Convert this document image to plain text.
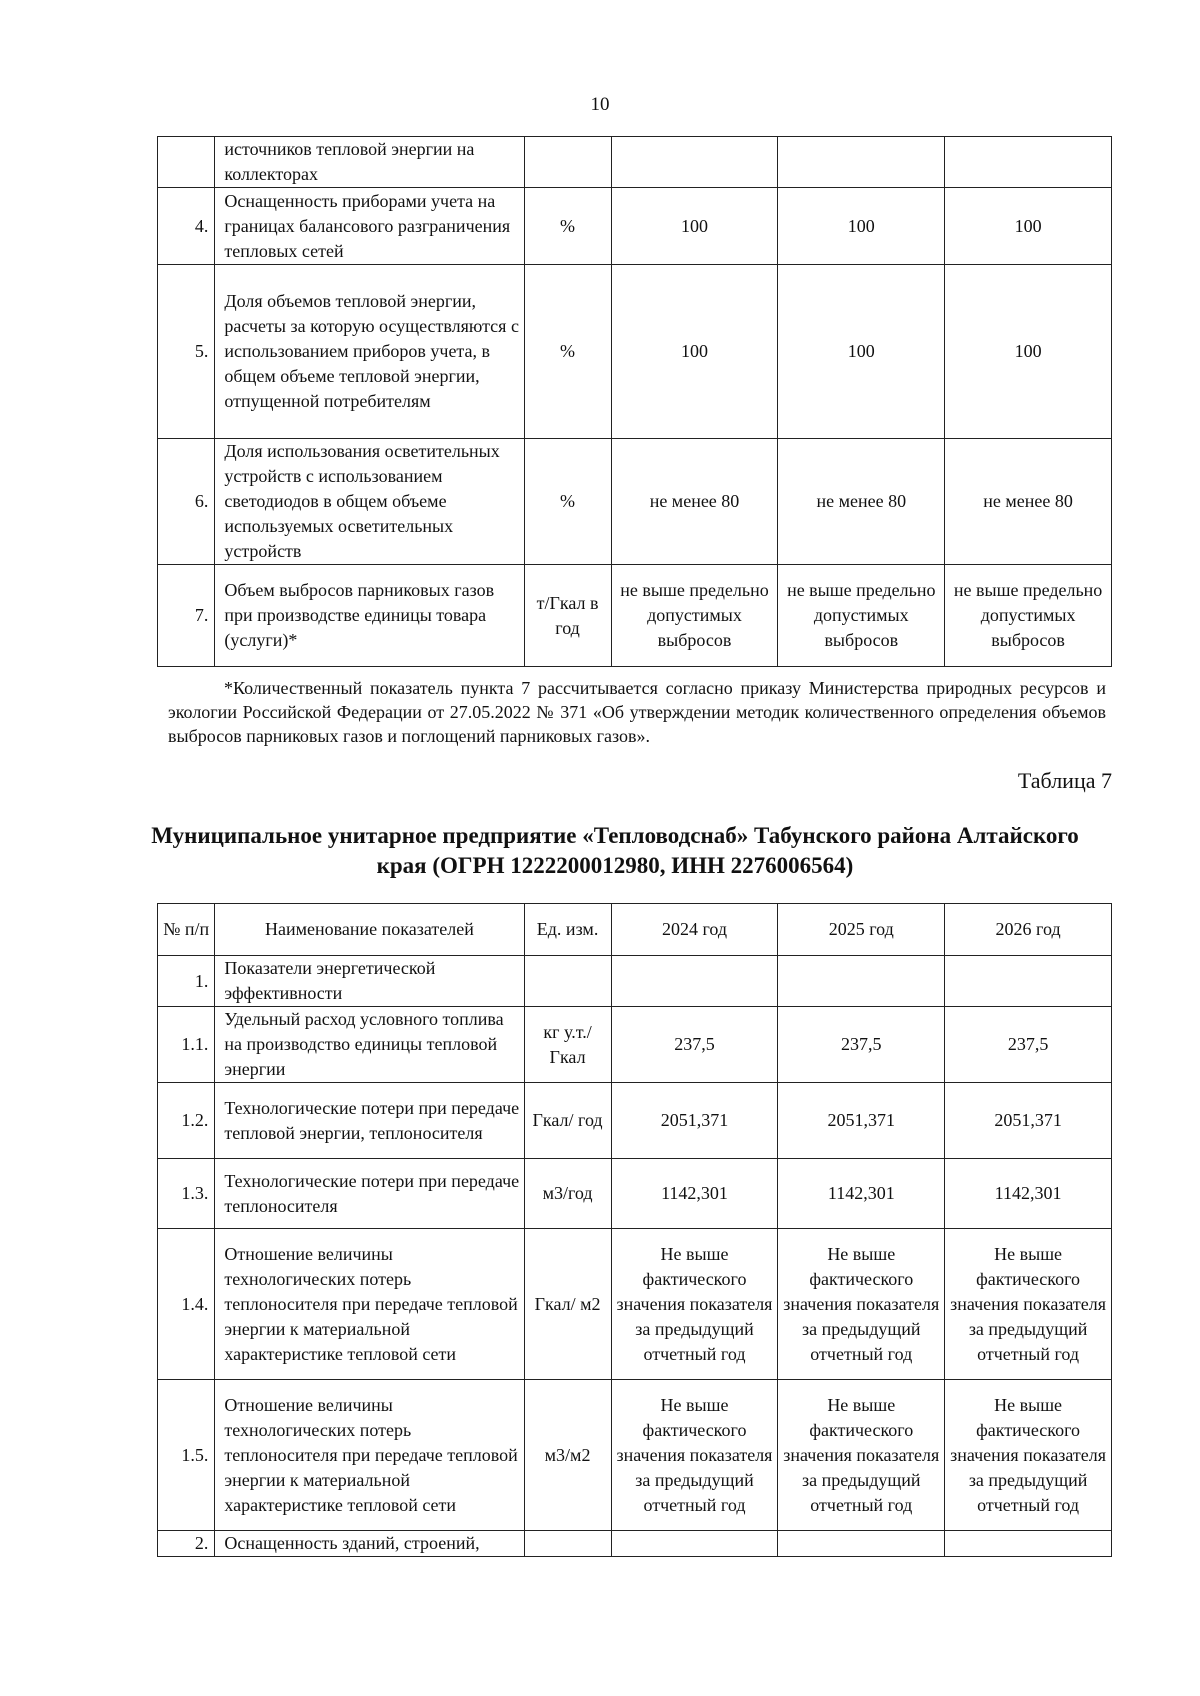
10
	источников тепловой энергии на коллекторах				
4.	Оснащенность приборами учета на границах балансового разграничения тепловых сетей	%	100	100	100
5.	Доля объемов тепловой энергии, расчеты за которую осуществляются с использованием приборов учета, в общем объеме тепловой энергии, отпущенной потребителям	%	100	100	100
6.	Доля использования осветительных устройств с использованием светодиодов в общем объеме используемых осветительных устройств	%	не менее 80	не менее 80	не менее 80
7.	Объем выбросов парниковых газов при производстве единицы товара (услуги)*	т/Гкал в год	не выше предельно допустимых выбросов	не выше предельно допустимых выбросов	не выше предельно допустимых выбросов

*Количественный показатель пункта 7 рассчитывается согласно приказу Министерства природных ресурсов и экологии Российской Федерации от 27.05.2022 № 371 «Об утверждении методик количественного определения объемов выбросов парниковых газов и поглощений парниковых газов».

Таблица 7
Муниципальное унитарное предприятие «Тепловодснаб» Табунского района Алтайского края (ОГРН 1222200012980, ИНН 2276006564)
№ п/п	Наименование показателей	Ед. изм.	2024 год	2025 год	2026 год
1.	Показатели энергетической эффективности				
1.1.	Удельный расход условного топлива на производство единицы тепловой энергии	кг у.т./ Гкал	237,5	237,5	237,5
1.2.	Технологические потери при передаче тепловой энергии, теплоносителя	Гкал/ год	2051,371	2051,371	2051,371
1.3.	Технологические потери при передаче теплоносителя	м3/год	1142,301	1142,301	1142,301
1.4.	Отношение величины технологических потерь теплоносителя при передаче тепловой энергии к материальной характеристике тепловой сети	Гкал/ м2	Не выше фактического значения показателя за предыдущий отчетный год	Не выше фактического значения показателя за предыдущий отчетный год	Не выше фактического значения показателя за предыдущий отчетный год
1.5.	Отношение величины технологических потерь теплоносителя при передаче тепловой энергии к материальной характеристике тепловой сети	м3/м2	Не выше фактического значения показателя за предыдущий отчетный год	Не выше фактического значения показателя за предыдущий отчетный год	Не выше фактического значения показателя за предыдущий отчетный год
2.	Оснащенность зданий, строений,				
